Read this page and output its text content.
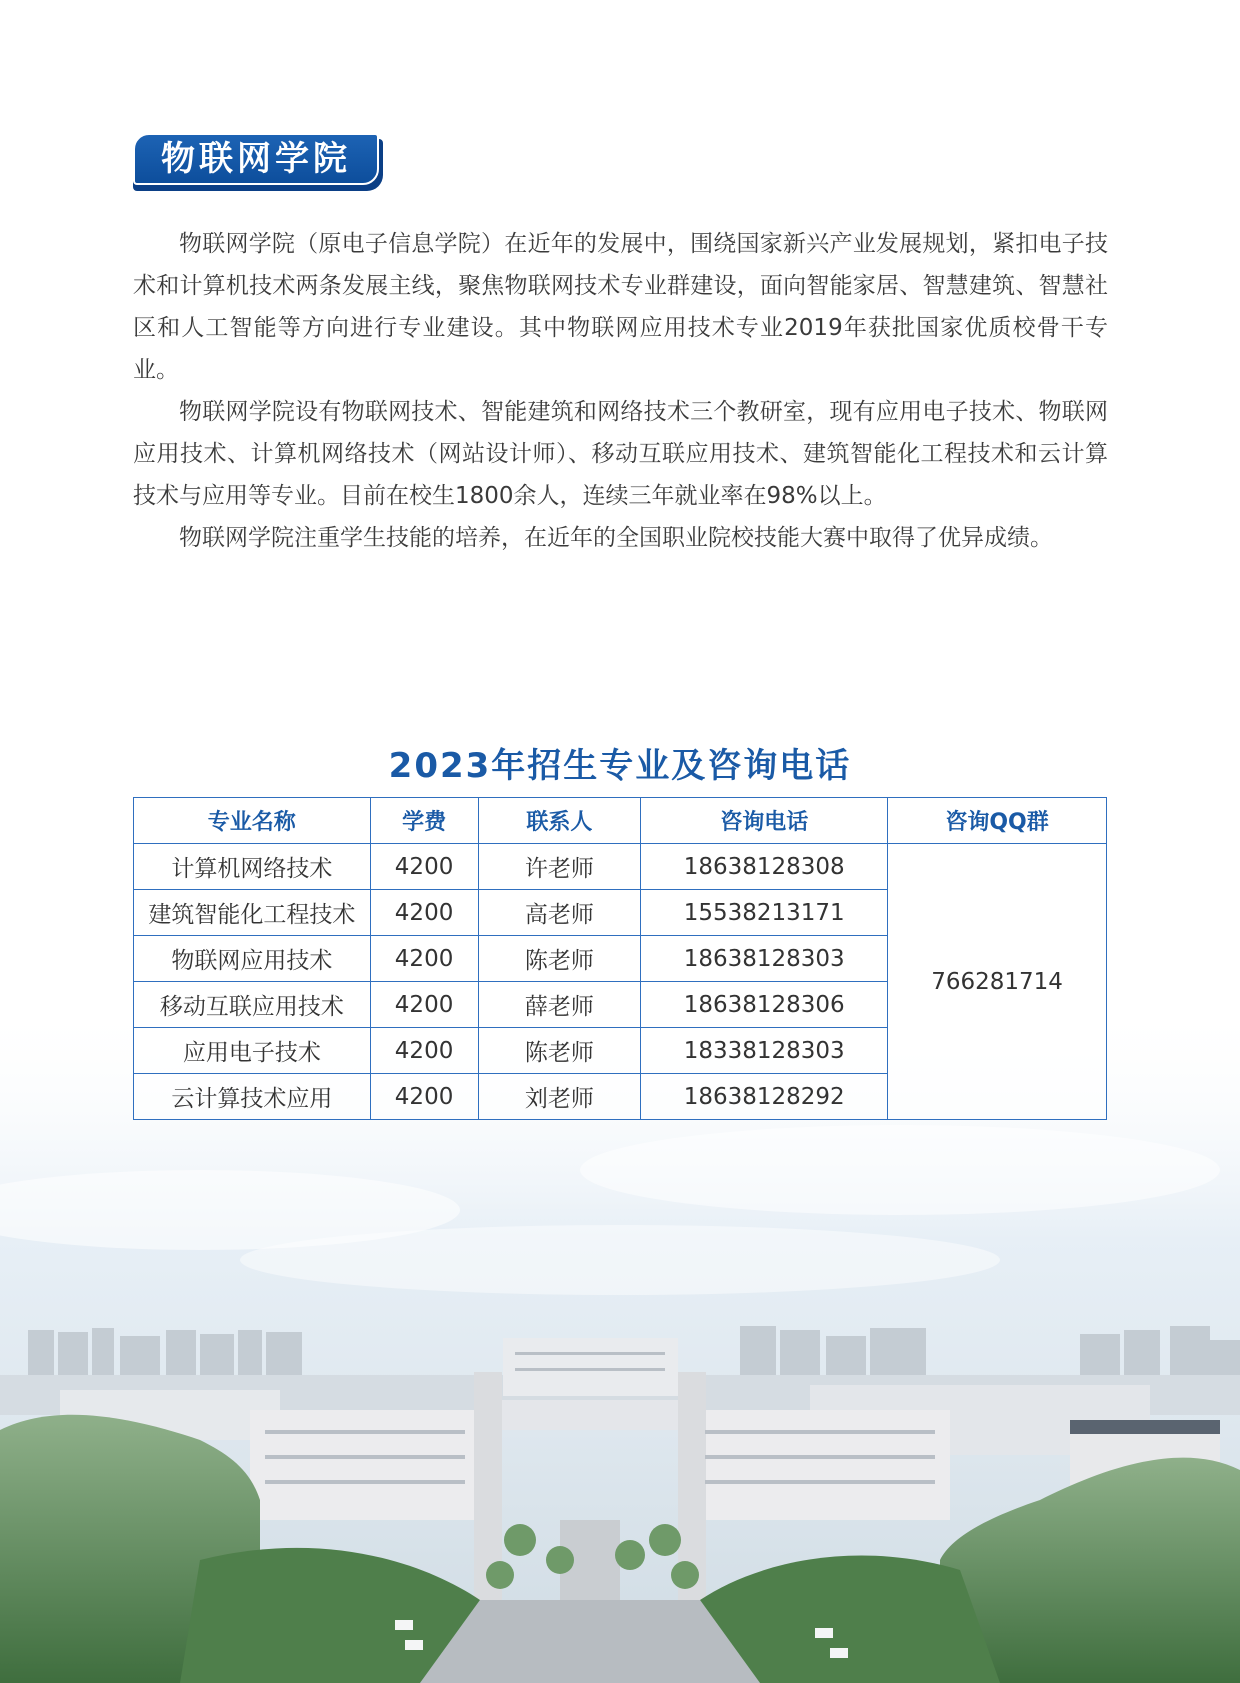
物联网学院

物联网学院（原电子信息学院）在近年的发展中，围绕国家新兴产业发展规划，紧扣电子技术和计算机技术两条发展主线，聚焦物联网技术专业群建设，面向智能家居、智慧建筑、智慧社区和人工智能等方向进行专业建设。其中物联网应用技术专业2019年获批国家优质校骨干专业。

物联网学院设有物联网技术、智能建筑和网络技术三个教研室，现有应用电子技术、物联网应用技术、计算机网络技术（网站设计师）、移动互联应用技术、建筑智能化工程技术和云计算技术与应用等专业。目前在校生1800余人，连续三年就业率在98%以上。

物联网学院注重学生技能的培养，在近年的全国职业院校技能大赛中取得了优异成绩。

2023年招生专业及咨询电话
专业名称	学费	联系人	咨询电话	咨询QQ群
计算机网络技术	4200	许老师	18638128308	766281714
建筑智能化工程技术	4200	高老师	15538213171	
物联网应用技术	4200	陈老师	18638128303	
移动互联应用技术	4200	薛老师	18638128306	
应用电子技术	4200	陈老师	18338128303	
云计算技术应用	4200	刘老师	18638128292	
